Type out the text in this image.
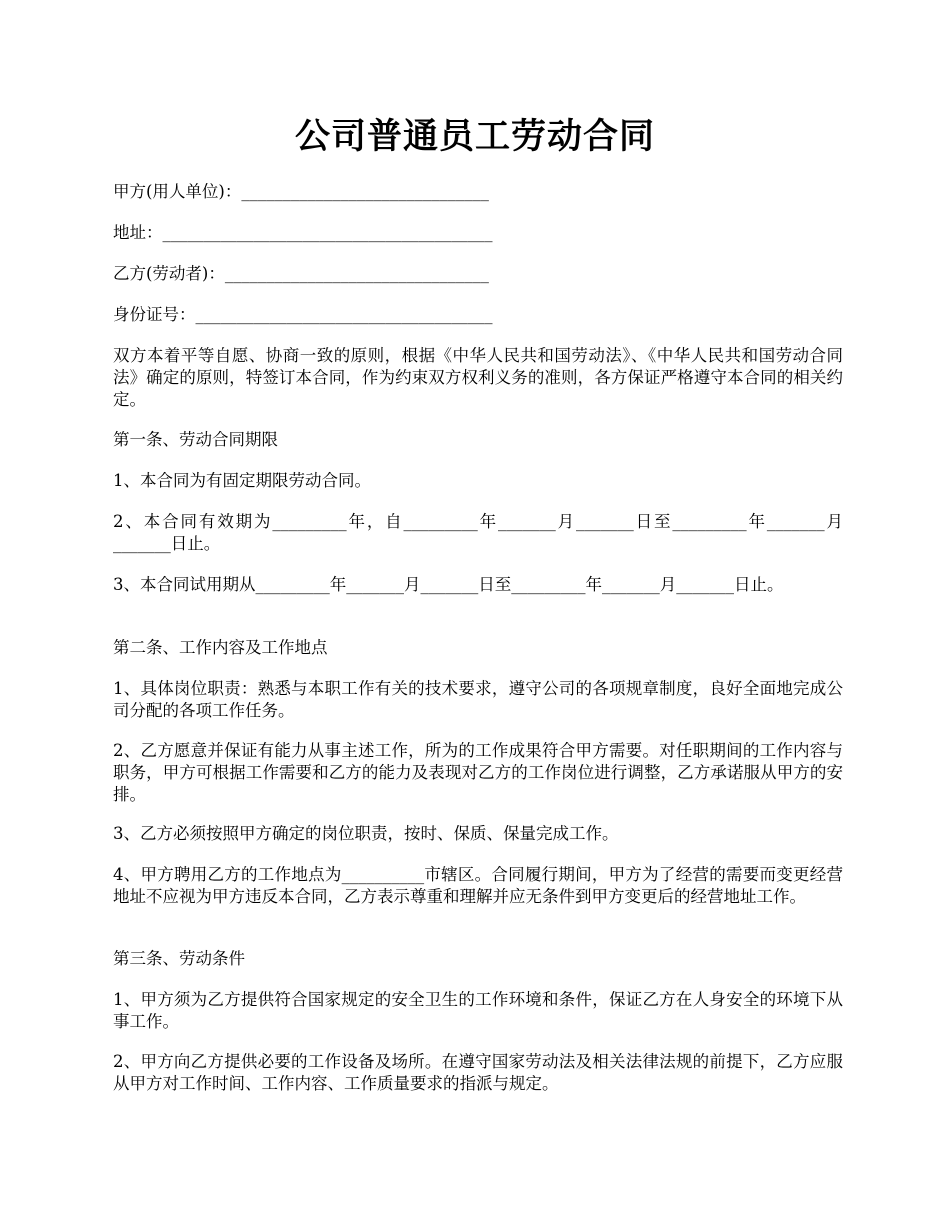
公司普通员工劳动合同

甲方(用人单位)：______________________________

地址：________________________________________

乙方(劳动者)：________________________________

身份证号：____________________________________

双方本着平等自愿、协商一致的原则，根据《中华人民共和国劳动法》、《中华人民共和国劳动合同法》确定的原则，特签订本合同，作为约束双方权利义务的准则，各方保证严格遵守本合同的相关约定。

第一条、劳动合同期限

1、本合同为有固定期限劳动合同。

2、本合同有效期为_________年，自_________年_______月_______日至_________年_______月_______日止。

3、本合同试用期从_________年_______月_______日至_________年_______月_______日止。

第二条、工作内容及工作地点

1、具体岗位职责：熟悉与本职工作有关的技术要求，遵守公司的各项规章制度，良好全面地完成公司分配的各项工作任务。

2、乙方愿意并保证有能力从事主述工作，所为的工作成果符合甲方需要。对任职期间的工作内容与职务，甲方可根据工作需要和乙方的能力及表现对乙方的工作岗位进行调整，乙方承诺服从甲方的安排。

3、乙方必须按照甲方确定的岗位职责，按时、保质、保量完成工作。

4、甲方聘用乙方的工作地点为__________市辖区。合同履行期间，甲方为了经营的需要而变更经营地址不应视为甲方违反本合同，乙方表示尊重和理解并应无条件到甲方变更后的经营地址工作。

第三条、劳动条件

1、甲方须为乙方提供符合国家规定的安全卫生的工作环境和条件，保证乙方在人身安全的环境下从事工作。

2、甲方向乙方提供必要的工作设备及场所。在遵守国家劳动法及相关法律法规的前提下，乙方应服从甲方对工作时间、工作内容、工作质量要求的指派与规定。
